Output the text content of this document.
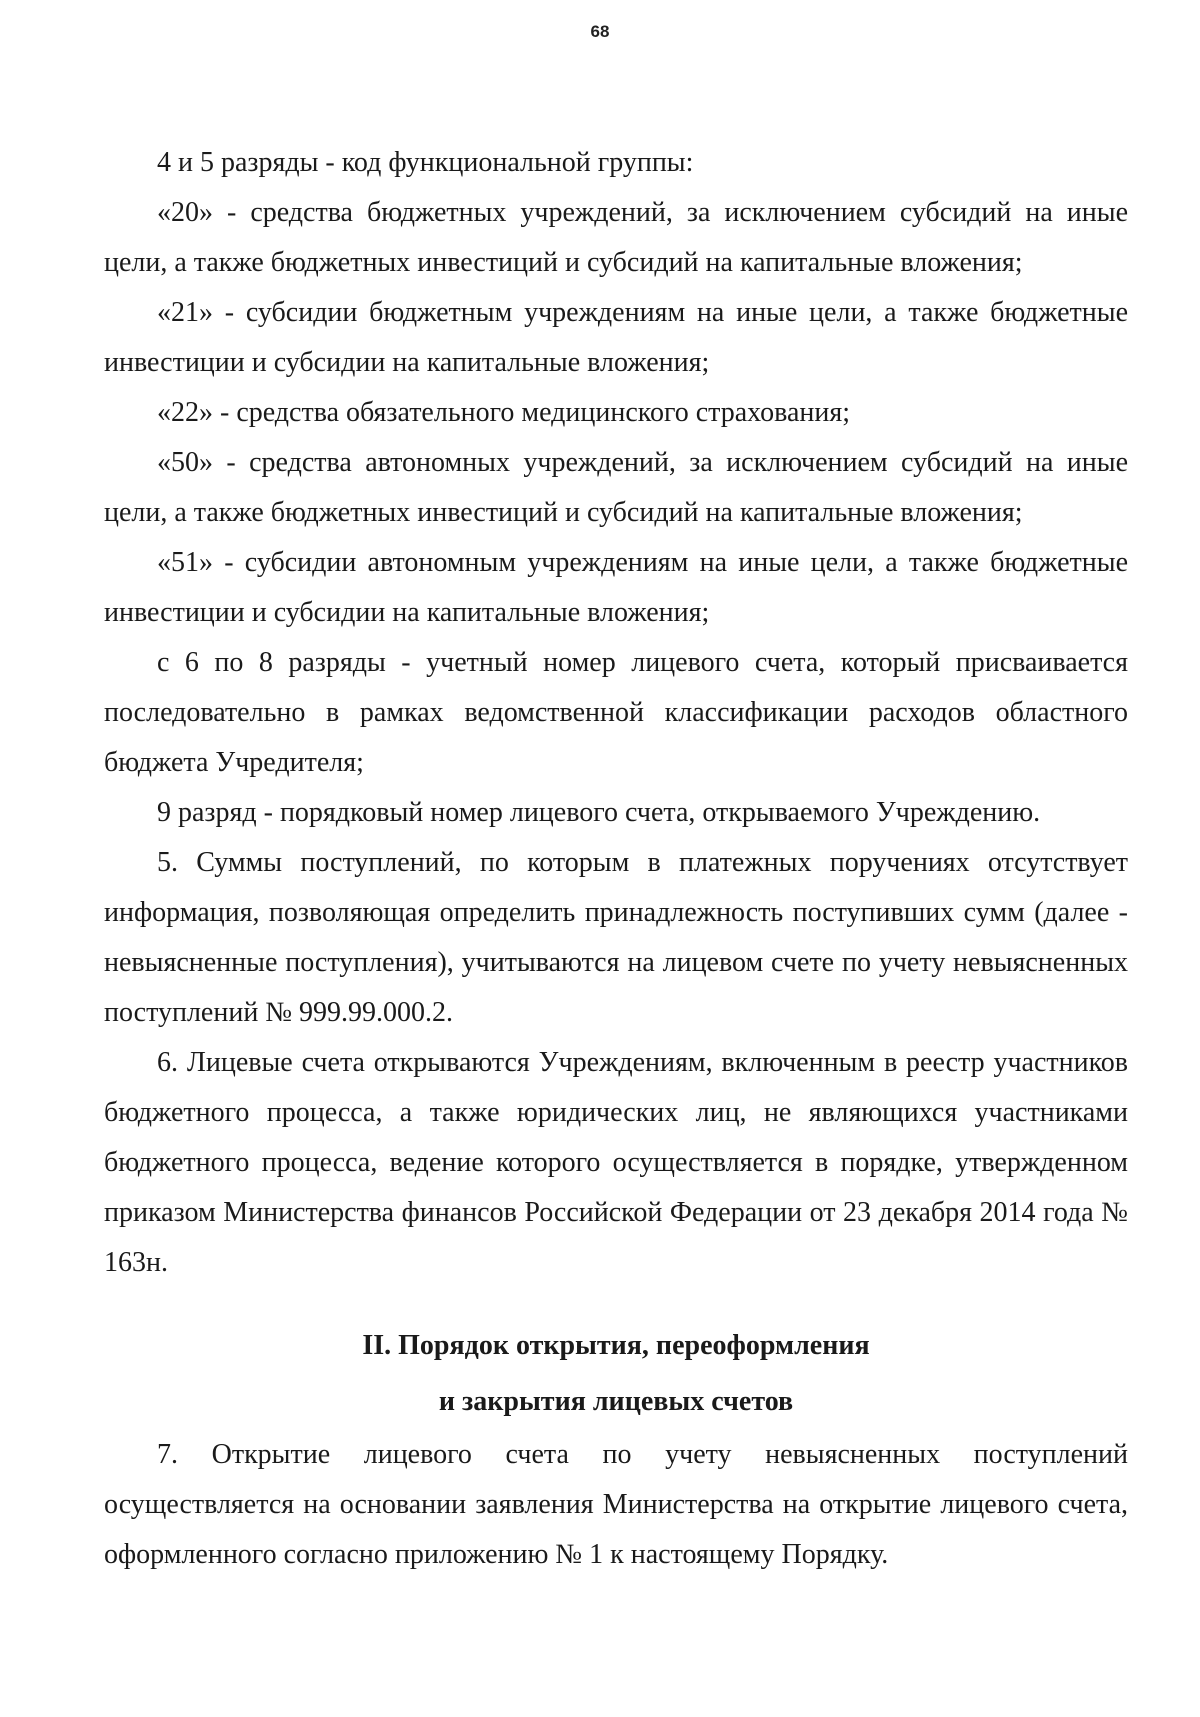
68

4 и 5 разряды - код функциональной группы:

«20» - средства бюджетных учреждений, за исключением субсидий на иные цели, а также бюджетных инвестиций и субсидий на капитальные вложения;

«21» - субсидии бюджетным учреждениям на иные цели, а также бюджетные инвестиции и субсидии на капитальные вложения;

«22» - средства обязательного медицинского страхования;

«50» - средства автономных учреждений, за исключением субсидий на иные цели, а также бюджетных инвестиций и субсидий на капитальные вложения;

«51» - субсидии автономным учреждениям на иные цели, а также бюджетные инвестиции и субсидии на капитальные вложения;

с 6 по 8 разряды - учетный номер лицевого счета, который присваивается последовательно в рамках ведомственной классификации расходов областного бюджета Учредителя;

9 разряд - порядковый номер лицевого счета, открываемого Учреждению.

5. Суммы поступлений, по которым в платежных поручениях отсутствует информация, позволяющая определить принадлежность поступивших сумм (далее - невыясненные поступления), учитываются на лицевом счете по учету невыясненных поступлений № 999.99.000.2.

6. Лицевые счета открываются Учреждениям, включенным в реестр участников бюджетного процесса, а также юридических лиц, не являющихся участниками бюджетного процесса, ведение которого осуществляется в порядке, утвержденном приказом Министерства финансов Российской Федерации от 23 декабря 2014 года № 163н.

II. Порядок открытия, переоформления
и закрытия лицевых счетов

7. Открытие лицевого счета по учету невыясненных поступлений осуществляется на основании заявления Министерства на открытие лицевого счета, оформленного согласно приложению № 1 к настоящему Порядку.
